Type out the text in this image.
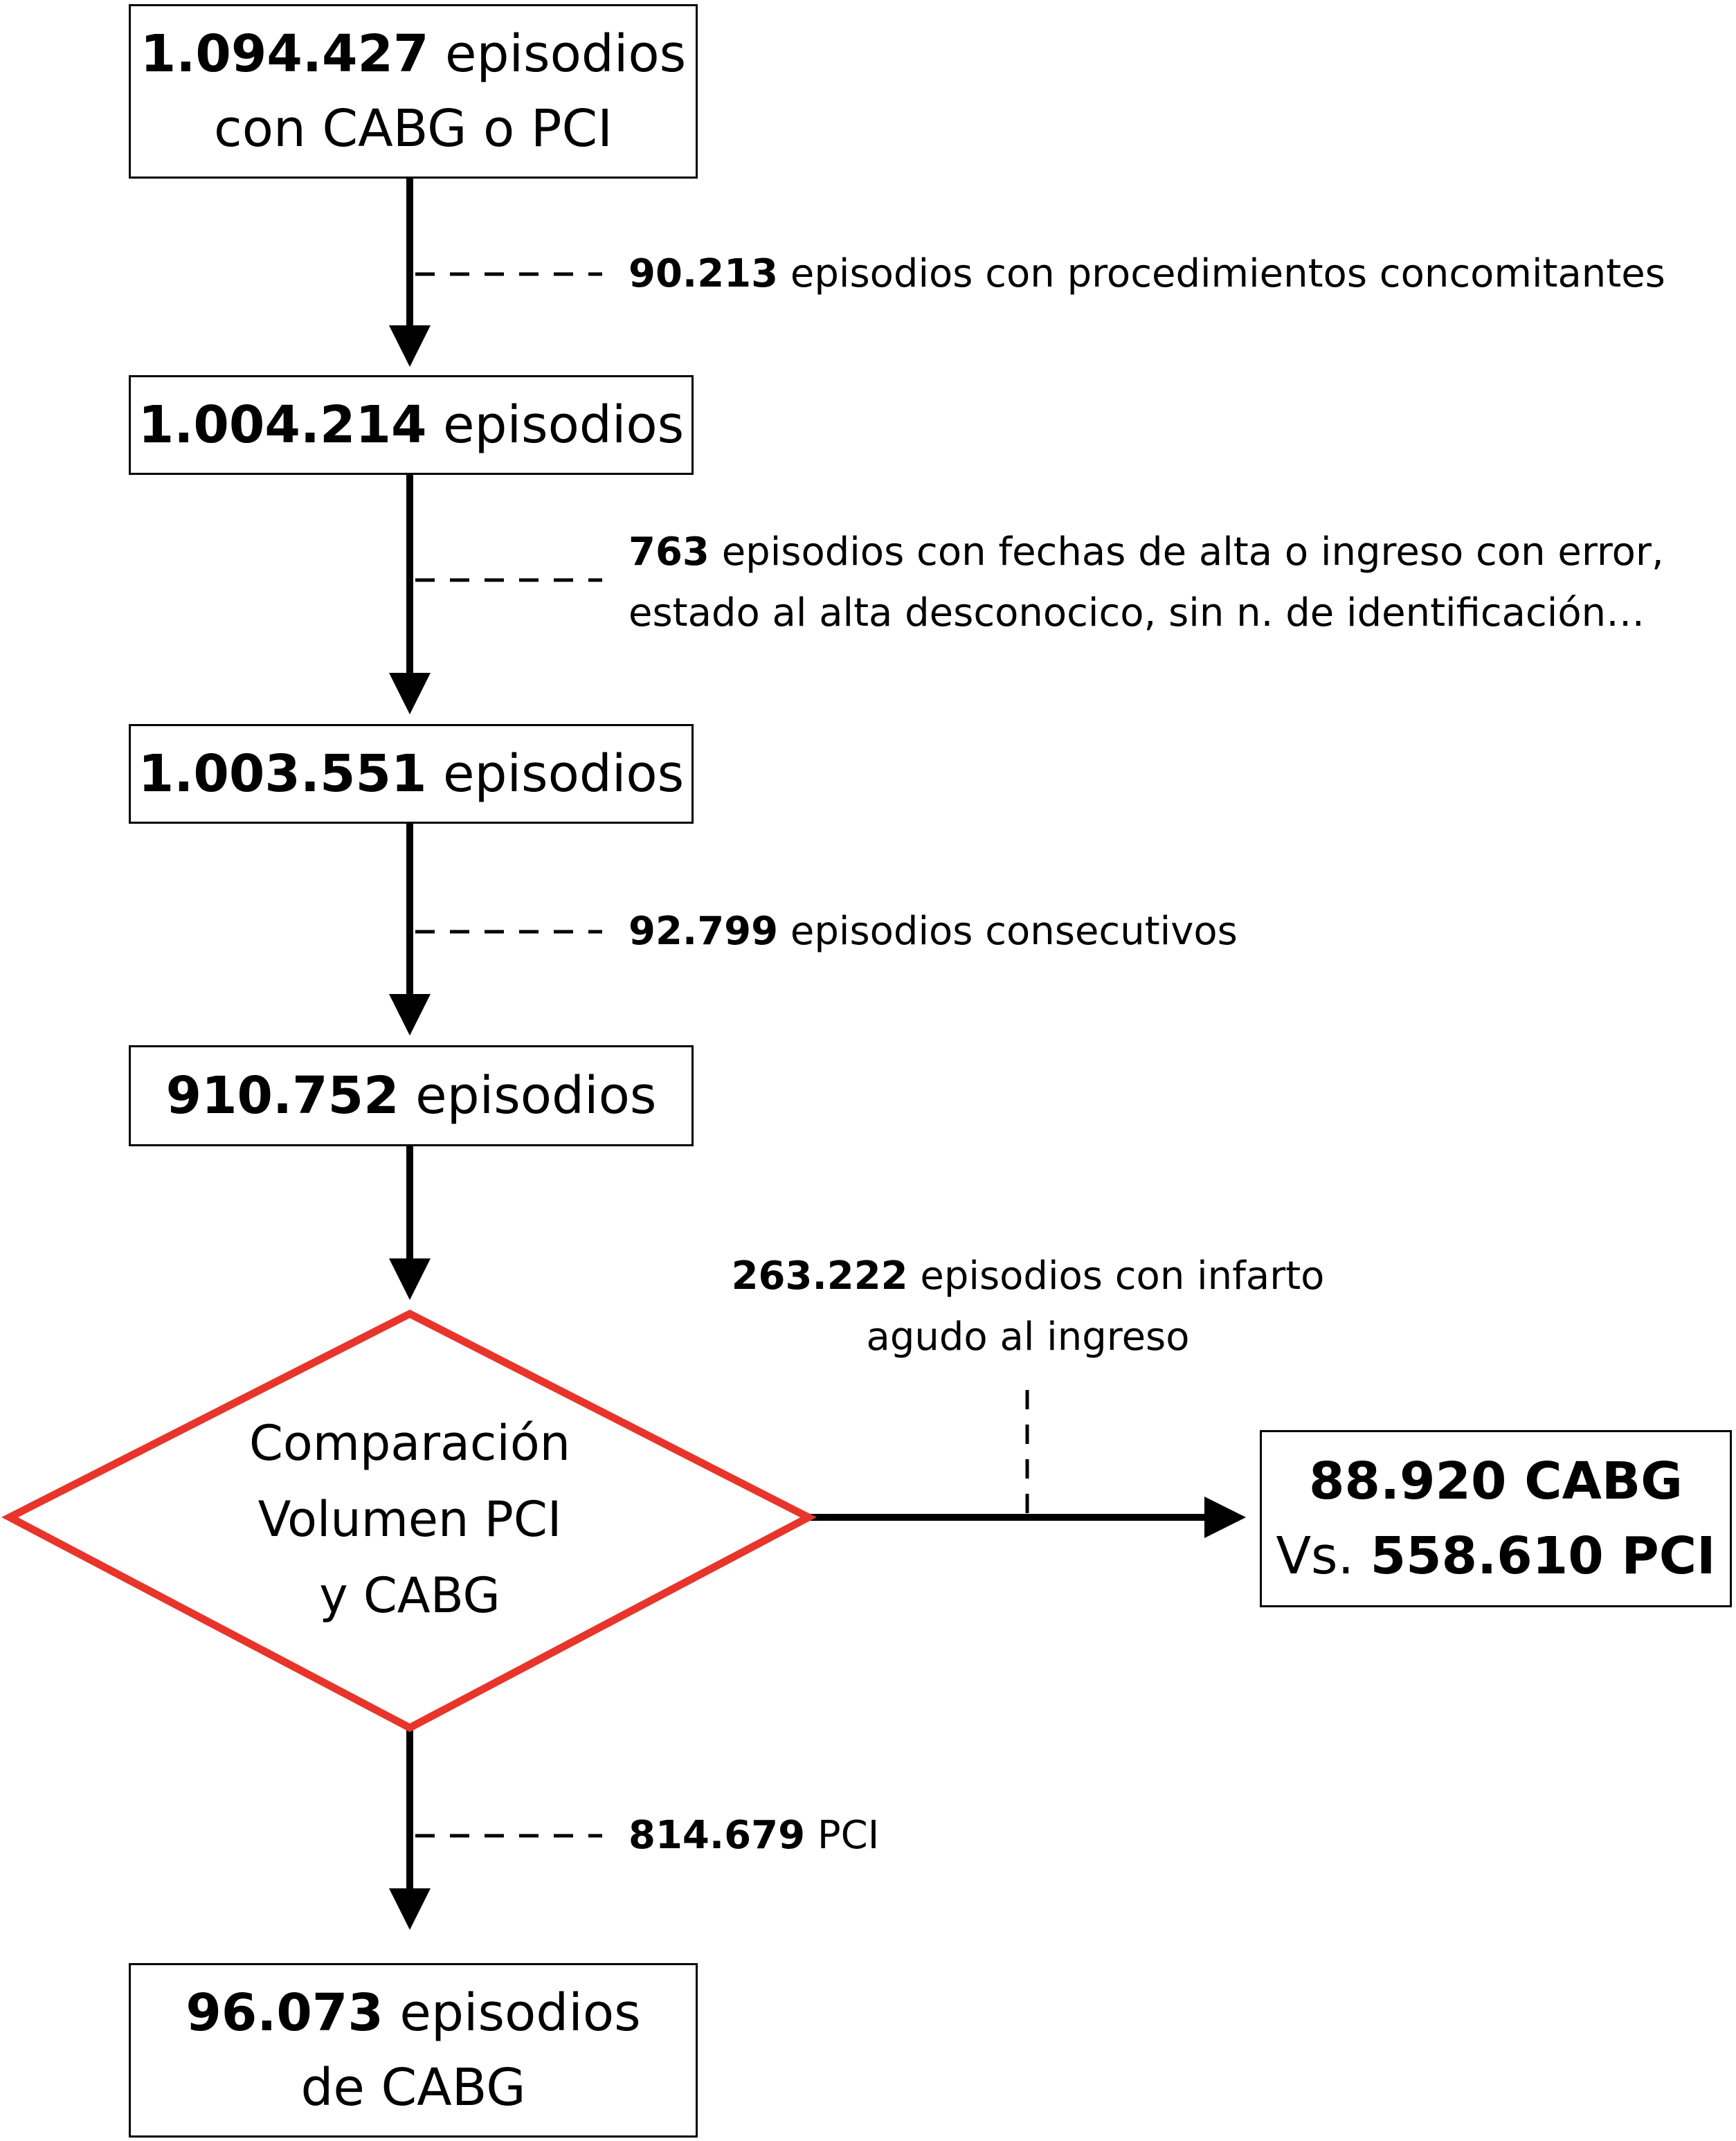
1.094.427 episodios
con CABG o PCI
90.213 episodios con procedimientos concomitantes
1.004.214 episodios
763 episodios con fechas de alta o ingreso con error,
estado al alta desconocico, sin n. de identificación…
1.003.551 episodios
92.799 episodios consecutivos
910.752 episodios
263.222 episodios con infarto
agudo al ingreso
Comparación
Volumen PCI
y CABG
88.920 CABG
Vs. 558.610 PCI
814.679 PCI
96.073 episodios
de CABG
